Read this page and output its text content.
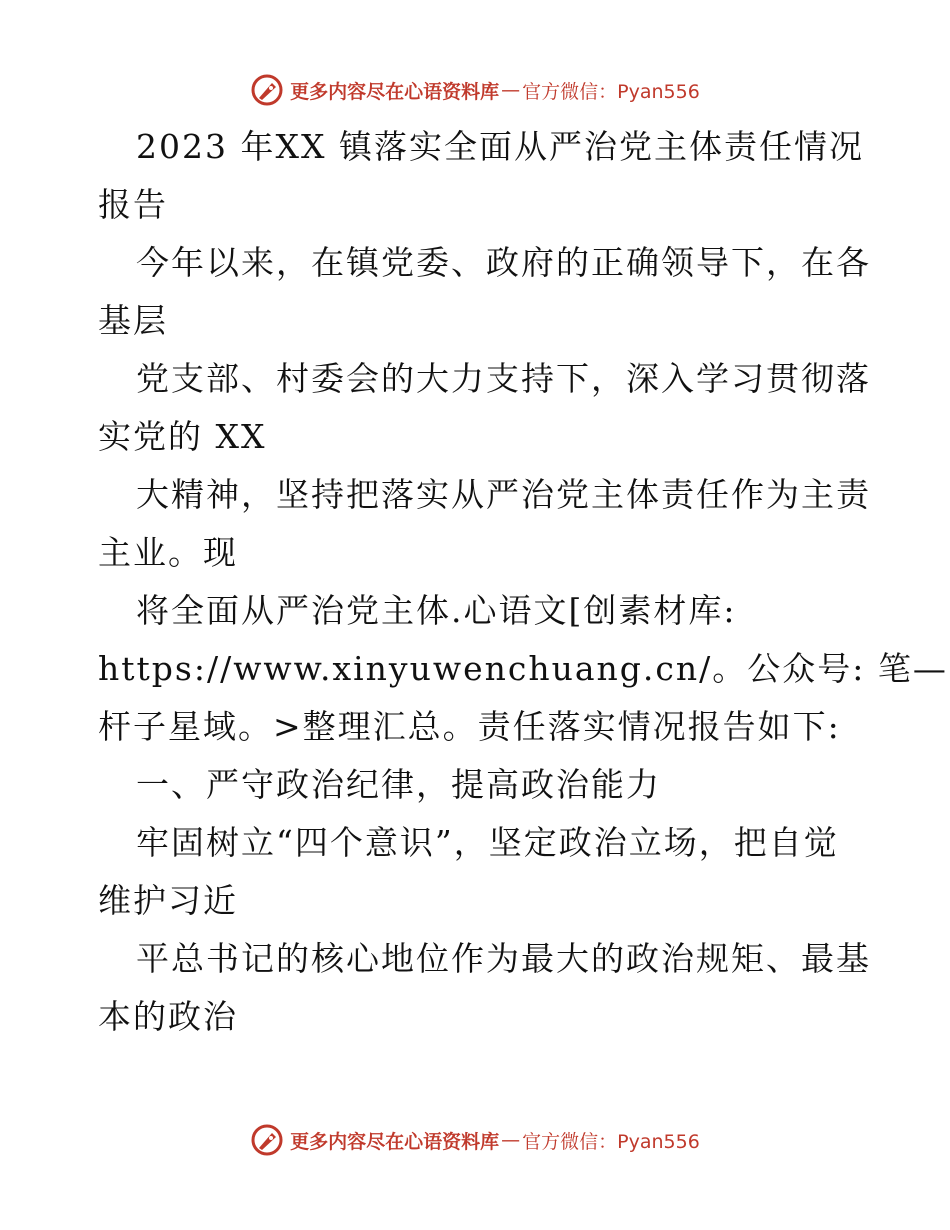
更多内容尽在心语资料库 — 官方微信：Pyan556
2023 年XX 镇落实全面从严治党主体责任情况
报告
今年以来，在镇党委、政府的正确领导下，在各
基层
党支部、村委会的大力支持下，深入学习贯彻落
实党的 XX
大精神，坚持把落实从严治党主体责任作为主责
主业。现
将全面从严治党主体.心语文[创素材库:
https://www.xinyuwenchuang.cn/。公众号: 笔—
杆子星域。>整理汇总。责任落实情况报告如下:
一、严守政治纪律，提高政治能力
牢固树立“四个意识”，坚定政治立场，把自觉
维护习近
平总书记的核心地位作为最大的政治规矩、最基
本的政治
更多内容尽在心语资料库 — 官方微信：Pyan556
